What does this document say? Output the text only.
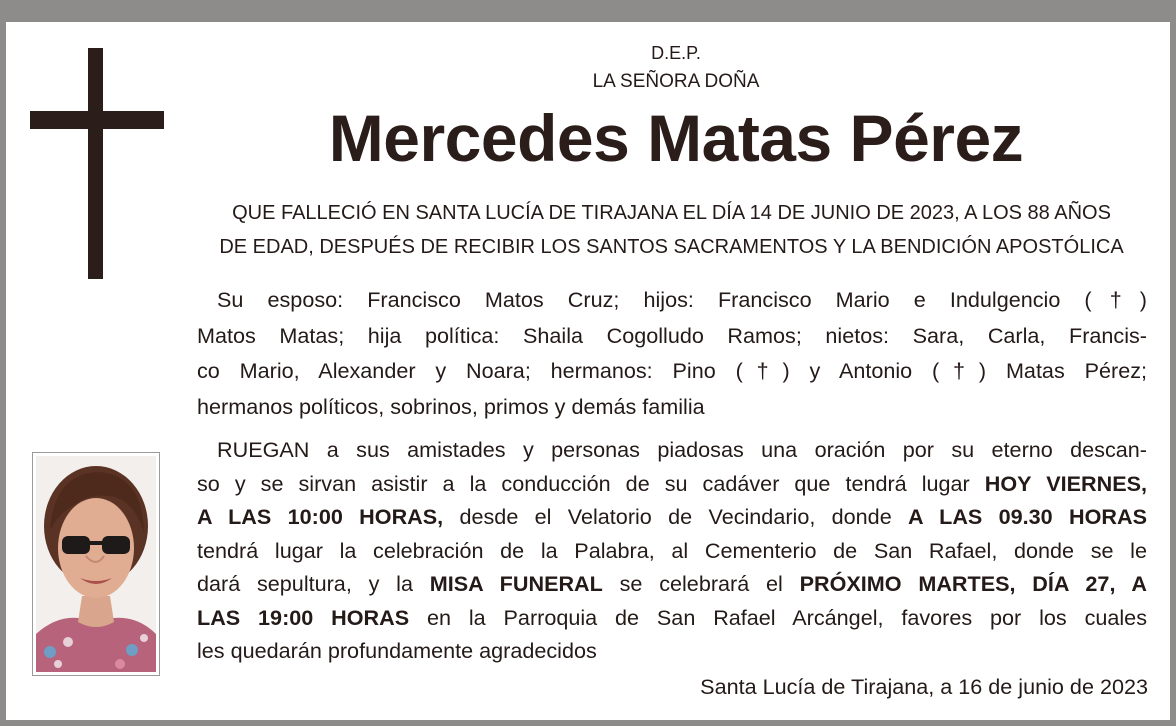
D.E.P.
LA SEÑORA DOÑA
Mercedes Matas Pérez
QUE FALLECIÓ EN SANTA LUCÍA DE TIRAJANA EL DÍA 14 DE JUNIO DE 2023, A LOS 88 AÑOS
DE EDAD, DESPUÉS DE RECIBIR LOS SANTOS SACRAMENTOS Y LA BENDICIÓN APOSTÓLICA
Su esposo: Francisco Matos Cruz; hijos: Francisco Mario e Indulgencio (†)
Matos Matas; hija política: Shaila Cogolludo Ramos; nietos: Sara, Carla, Francis-
co Mario, Alexander y Noara; hermanos: Pino (†) y Antonio (†) Matas Pérez;
hermanos políticos, sobrinos, primos y demás familia
RUEGAN a sus amistades y personas piadosas una oración por su eterno descan-
so y se sirvan asistir a la conducción de su cadáver que tendrá lugar HOY VIERNES,
A LAS 10:00 HORAS, desde el Velatorio de Vecindario, donde A LAS 09.30 HORAS
tendrá lugar la celebración de la Palabra, al Cementerio de San Rafael, donde se le
dará sepultura, y la MISA FUNERAL se celebrará el PRÓXIMO MARTES, DÍA 27, A
LAS 19:00 HORAS en la Parroquia de San Rafael Arcángel, favores por los cuales
les quedarán profundamente agradecidos
Santa Lucía de Tirajana, a 16 de junio de 2023
